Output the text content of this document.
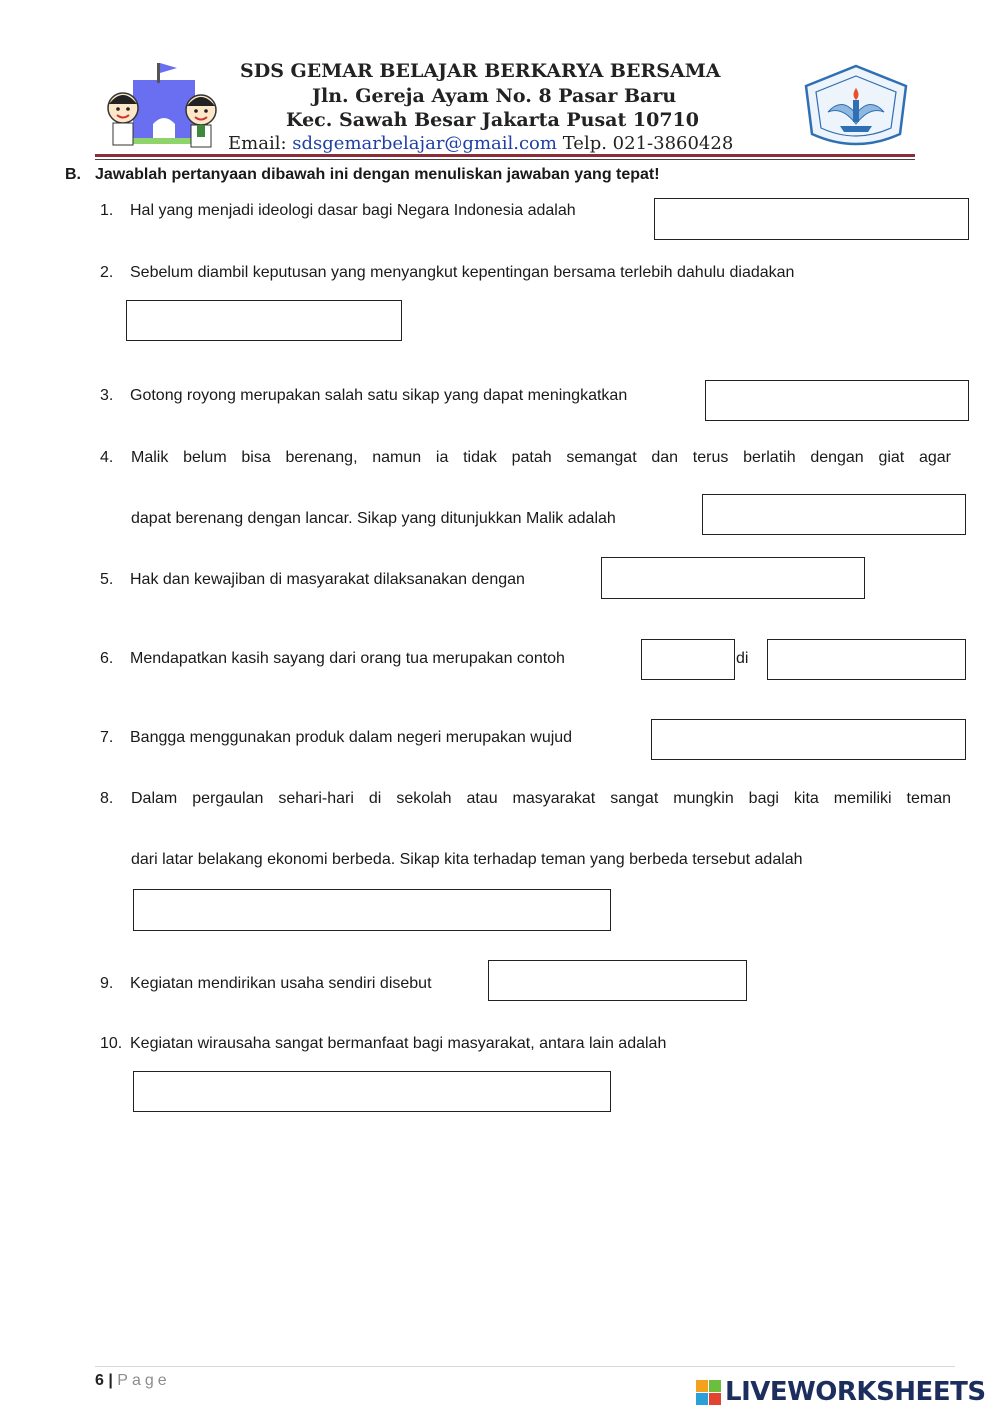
SDS GEMAR BELAJAR BERKARYA BERSAMA
Jln. Gereja Ayam No. 8 Pasar Baru
Kec. Sawah Besar Jakarta Pusat 10710
Email: sdsgemarbelajar@gmail.com Telp. 021-3860428
B. Jawablah pertanyaan dibawah ini dengan menuliskan jawaban yang tepat!
1. Hal yang menjadi ideologi dasar bagi Negara Indonesia adalah
2. Sebelum diambil keputusan yang menyangkut kepentingan bersama terlebih dahulu diadakan
3. Gotong royong merupakan salah satu sikap yang dapat meningkatkan
4.	Malik belum bisa berenang, namun ia tidak patah semangat dan terus berlatih dengan giat agar
dapat berenang dengan lancar. Sikap yang ditunjukkan Malik adalah
5. Hak dan kewajiban di masyarakat dilaksanakan dengan
6. Mendapatkan kasih sayang dari orang tua merupakan contoh	di
7. Bangga menggunakan produk dalam negeri merupakan wujud
8.	Dalam pergaulan sehari-hari di sekolah atau masyarakat sangat mungkin bagi kita memiliki teman
dari latar belakang ekonomi berbeda. Sikap kita terhadap teman yang berbeda tersebut adalah
9. Kegiatan mendirikan usaha sendiri disebut
10. Kegiatan wirausaha sangat bermanfaat bagi masyarakat, antara lain adalah
6 | Page	LIVEWORKSHEETS
